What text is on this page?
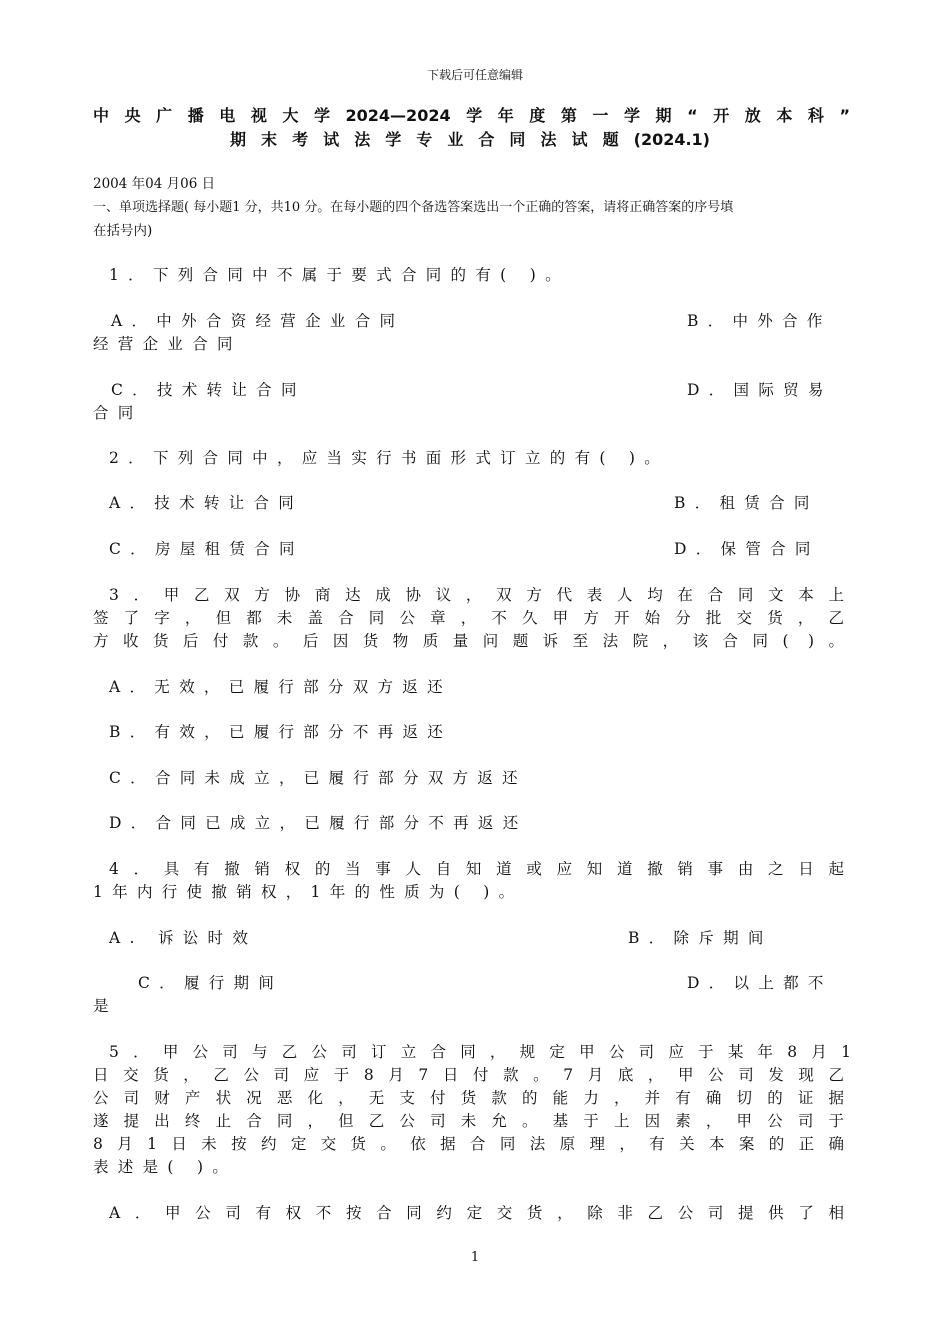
下载后可任意编辑
中央广播电视大学2024—2024学年度第一学期“开放本科”
期末考试法学专业合同法试题(2024.1)
2004 年04 月06 日
一、单项选择题( 每小题1 分，共10 分。在每小题的四个备选答案选出一个正确的答案，请将正确答案的序号填
在括号内)
1．下列合同中不属于要式合同的有( )。
A．中外合资经营企业合同	B．中外合作
经营企业合同
C．技术转让合同	D．国际贸易
合同
2．下列合同中，应当实行书面形式订立的有( )。
A．技术转让合同	B．租赁合同
C．房屋租赁合同	D．保管合同
3．甲乙双方协商达成协议，双方代表人均在合同文本上
签了字，但都未盖合同公章，不久甲方开始分批交货，乙
方收货后付款。后因货物质量问题诉至法院，该合同( )。
A．无效，已履行部分双方返还
B．有效，已履行部分不再返还
C．合同未成立，已履行部分双方返还
D．合同已成立，已履行部分不再返还
4．具有撤销权的当事人自知道或应知道撤销事由之日起
1年内行使撤销权，1年的性质为( )。
A. 诉讼时效	B．除斥期间
C．履行期间	D．以上都不
是
5．甲公司与乙公司订立合同，规定甲公司应于某年8月1
日交货，乙公司应于8月7日付款。7月底，甲公司发现乙
公司财产状况恶化，无支付货款的能力，并有确切的证据
遂提出终止合同，但乙公司未允。基于上因素，甲公司于
8月1日未按约定交货。依据合同法原理，有关本案的正确
表述是( )。
A．甲公司有权不按合同约定交货，除非乙公司提供了相
1
